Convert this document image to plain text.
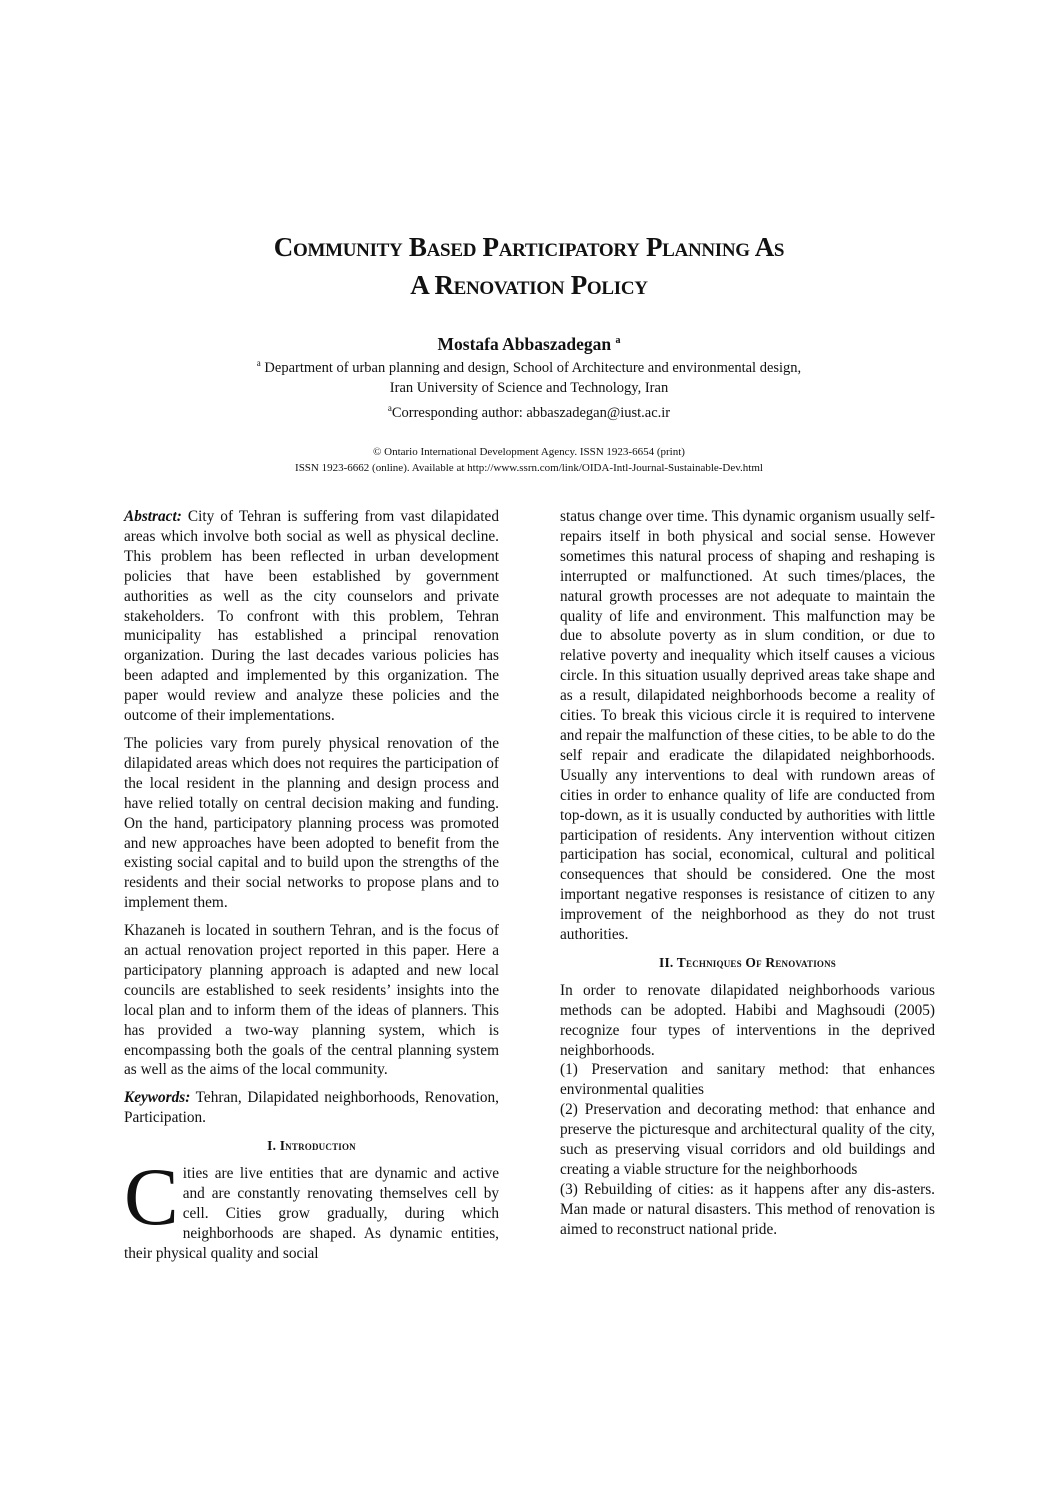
Community Based Participatory Planning As
A Renovation Policy
Mostafa Abbaszadegan $^a$
$^a$ Department of urban planning and design, School of Architecture and environmental design,
Iran University of Science and Technology, Iran
$^a$Corresponding author: abbaszadegan@iust.ac.ir
© Ontario International Development Agency. ISSN 1923-6654 (print)
ISSN 1923-6662 (online). Available at http://www.ssrn.com/link/OIDA-Intl-Journal-Sustainable-Dev.html

Abstract: City of Tehran is suffering from vast dilapidated areas which involve both social as well as physical decline. This problem has been reflected in urban development policies that have been established by government authorities as well as the city counselors and private stakeholders. To confront with this problem, Tehran municipality has established a principal renovation organization. During the last decades various policies has been adapted and implemented by this organization. The paper would review and analyze these policies and the outcome of their implementations.

The policies vary from purely physical renovation of the dilapidated areas which does not requires the participation of the local resident in the planning and design process and have relied totally on central decision making and funding. On the hand, participatory planning process was promoted and new approaches have been adopted to benefit from the existing social capital and to build upon the strengths of the residents and their social networks to propose plans and to implement them.

Khazaneh is located in southern Tehran, and is the focus of an actual renovation project reported in this paper. Here a participatory planning approach is adapted and new local councils are established to seek residents’ insights into the local plan and to inform them of the ideas of planners. This has provided a two-way planning system, which is encompassing both the goals of the central planning system as well as the aims of the local community.

Keywords: Tehran, Dilapidated neighborhoods, Renovation, Participation.

I. Introduction

Cities are live entities that are dynamic and active and are constantly renovating themselves cell by cell. Cities grow gradually, during which neighborhoods are shaped. As dynamic entities, their physical quality and social

status change over time. This dynamic organism usually self-repairs itself in both physical and social sense. However sometimes this natural process of shaping and reshaping is interrupted or malfunctioned. At such times/places, the natural growth processes are not adequate to maintain the quality of life and environment. This malfunction may be due to absolute poverty as in slum condition, or due to relative poverty and inequality which itself causes a vicious circle. In this situation usually deprived areas take shape and as a result, dilapidated neighborhoods become a reality of cities. To break this vicious circle it is required to intervene and repair the malfunction of these cities, to be able to do the self repair and eradicate the dilapidated neighborhoods. Usually any interventions to deal with rundown areas of cities in order to enhance quality of life are conducted from top-down, as it is usually conducted by authorities with little participation of residents. Any intervention without citizen participation has social, economical, cultural and political consequences that should be considered. One the most important negative responses is resistance of citizen to any improvement of the neighborhood as they do not trust authorities.

II. Techniques Of Renovations

In order to renovate dilapidated neighborhoods various methods can be adopted. Habibi and Maghsoudi (2005) recognize four types of interventions in the deprived neighborhoods.

(1) Preservation and sanitary method: that enhances environmental qualities

(2) Preservation and decorating method: that enhance and preserve the picturesque and architectural quality of the city, such as preserving visual corridors and old buildings and creating a viable structure for the neighborhoods

(3) Rebuilding of cities: as it happens after any dis-asters. Man made or natural disasters. This method of renovation is aimed to reconstruct national pride.
